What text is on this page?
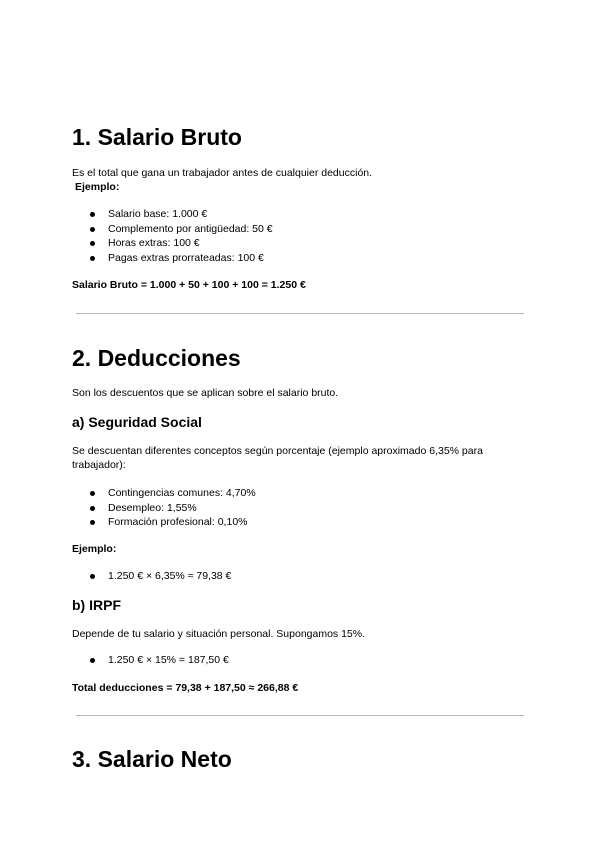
1. Salario Bruto

Es el total que gana un trabajador antes de cualquier deducción.

Ejemplo:

Salario base: 1.000 €
Complemento por antigüedad: 50 €
Horas extras: 100 €
Pagas extras prorrateadas: 100 €

Salario Bruto = 1.000 + 50 + 100 + 100 = 1.250 €

2. Deducciones

Son los descuentos que se aplican sobre el salario bruto.

a) Seguridad Social

Se descuentan diferentes conceptos según porcentaje (ejemplo aproximado 6,35% para

trabajador):

Contingencias comunes: 4,70%
Desempleo: 1,55%
Formación profesional: 0,10%

Ejemplo:

1.250 € × 6,35% ≈ 79,38 €
b) IRPF

Depende de tu salario y situación personal. Supongamos 15%.

1.250 € × 15% = 187,50 €

Total deducciones = 79,38 + 187,50 ≈ 266,88 €

3. Salario Neto
